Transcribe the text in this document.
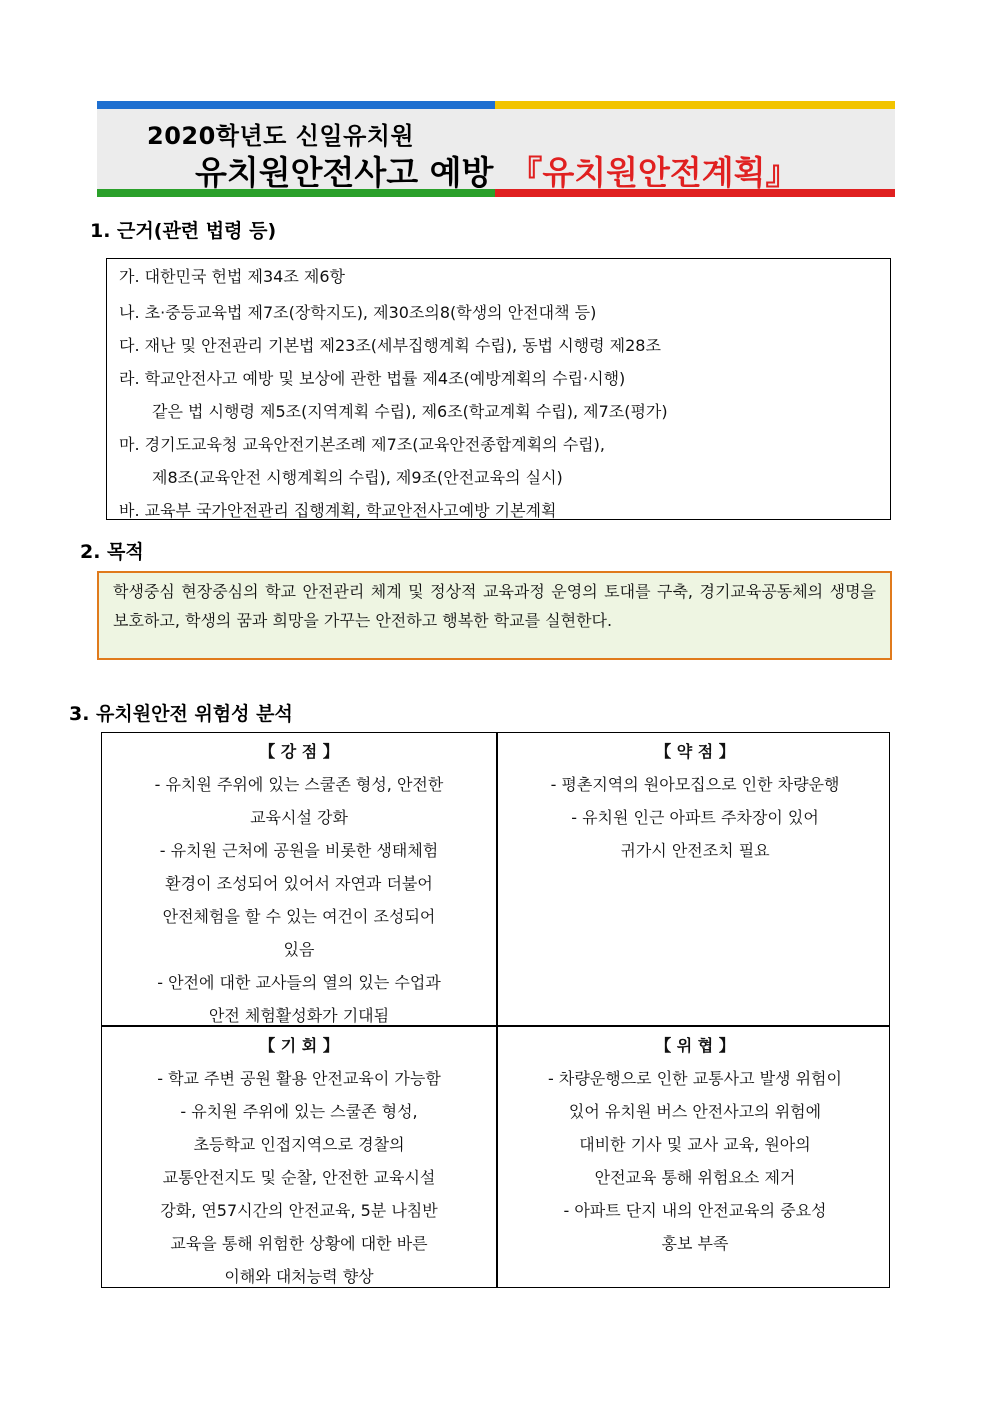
2020학년도 신일유치원
유치원안전사고 예방 『유치원안전계획』
1. 근거(관련 법령 등)
가. 대한민국 헌법 제34조 제6항
나. 초·중등교육법 제7조(장학지도), 제30조의8(학생의 안전대책 등)
다. 재난 및 안전관리 기본법 제23조(세부집행계획 수립), 동법 시행령 제28조
라. 학교안전사고 예방 및 보상에 관한 법률 제4조(예방계획의 수립·시행)
같은 법 시행령 제5조(지역계획 수립), 제6조(학교계획 수립), 제7조(평가)
마. 경기도교육청 교육안전기본조례 제7조(교육안전종합계획의 수립),
제8조(교육안전 시행계획의 수립), 제9조(안전교육의 실시)
바. 교육부 국가안전관리 집행계획, 학교안전사고예방 기본계획
2. 목적
학생중심 현장중심의 학교 안전관리 체계 및 정상적 교육과정 운영의 토대를 구축, 경기교육공동체의 생명을 보호하고, 학생의 꿈과 희망을 가꾸는 안전하고 행복한 학교를 실현한다.
3. 유치원안전 위험성 분석
【 강 점 】
- 유치원 주위에 있는 스쿨존 형성, 안전한
교육시설 강화
- 유치원 근처에 공원을 비롯한 생태체험
환경이 조성되어 있어서 자연과 더불어
안전체험을 할 수 있는 여건이 조성되어
있음
- 안전에 대한 교사들의 열의 있는 수업과
안전 체험활성화가 기대됨
【 약 점 】
- 평촌지역의 원아모집으로 인한 차량운행
- 유치원 인근 아파트 주차장이 있어
귀가시 안전조치 필요
【 기 회 】
- 학교 주변 공원 활용 안전교육이 가능함
- 유치원 주위에 있는 스쿨존 형성,
초등학교 인접지역으로 경찰의
교통안전지도 및 순찰, 안전한 교육시설
강화, 연57시간의 안전교육, 5분 나침반
교육을 통해 위험한 상황에 대한 바른
이해와 대처능력 향상
【 위 협 】
- 차량운행으로 인한 교통사고 발생 위험이
있어 유치원 버스 안전사고의 위험에
대비한 기사 및 교사 교육, 원아의
안전교육 통해 위험요소 제거
- 아파트 단지 내의 안전교육의 중요성
홍보 부족
